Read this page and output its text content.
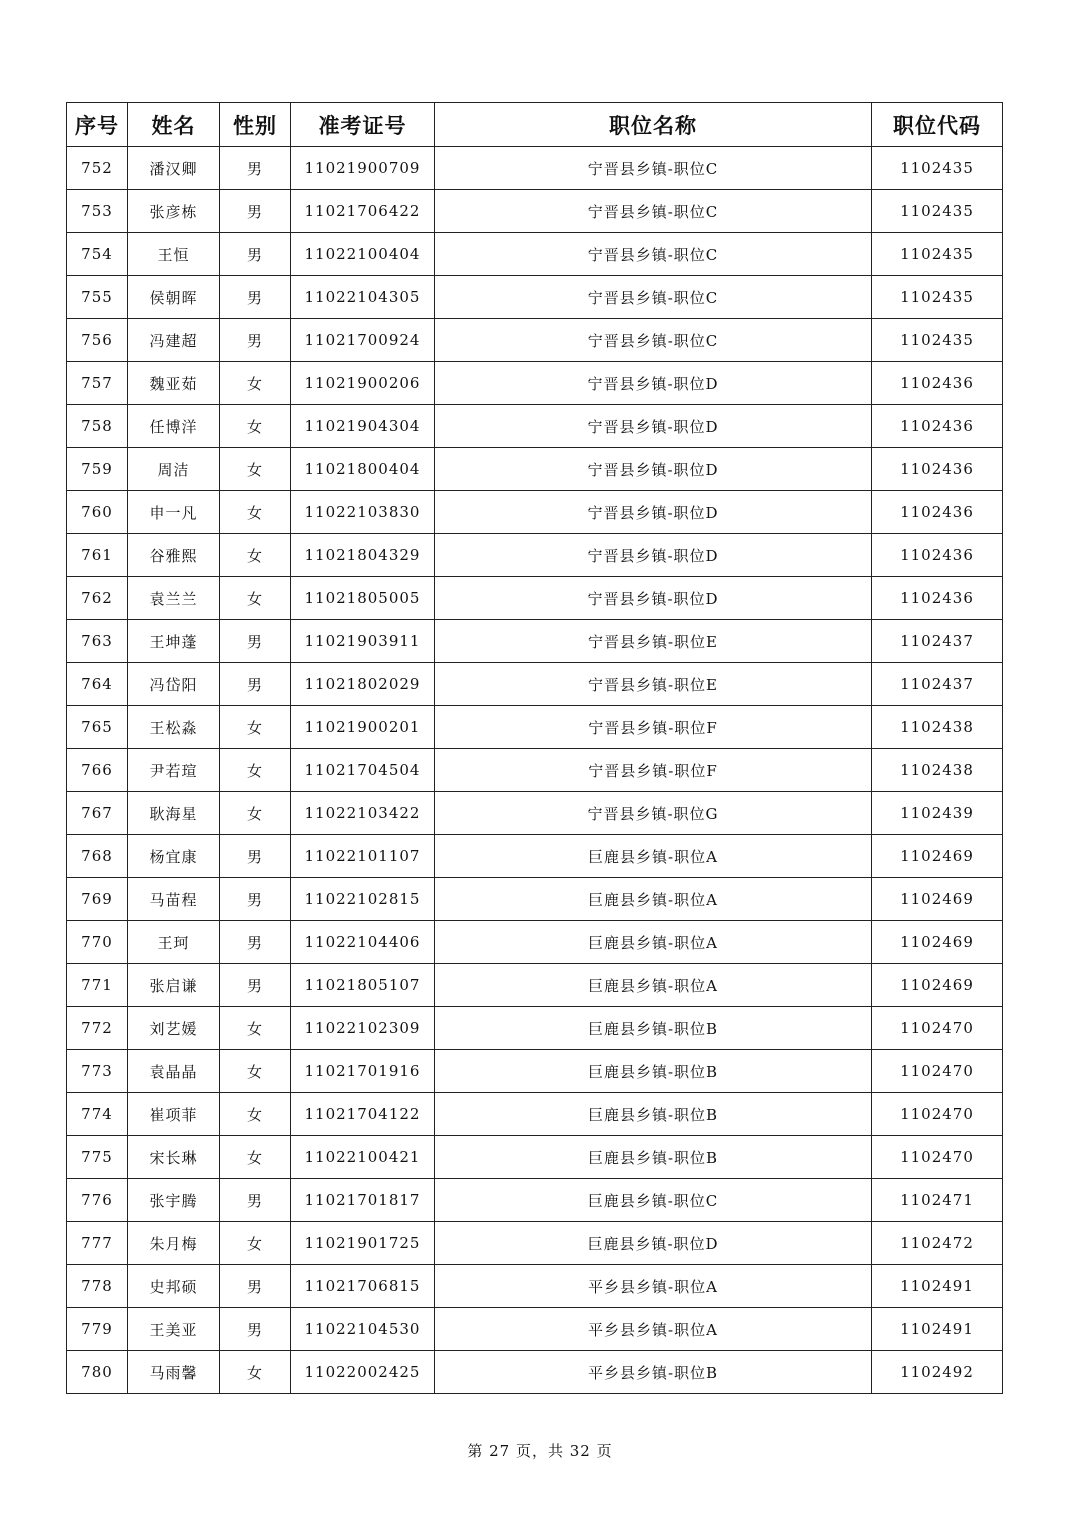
序号	姓名	性别	准考证号	职位名称	职位代码
752	潘汉卿	男	11021900709	宁晋县乡镇-职位C	1102435
753	张彦栋	男	11021706422	宁晋县乡镇-职位C	1102435
754	王恒	男	11022100404	宁晋县乡镇-职位C	1102435
755	侯朝晖	男	11022104305	宁晋县乡镇-职位C	1102435
756	冯建超	男	11021700924	宁晋县乡镇-职位C	1102435
757	魏亚茹	女	11021900206	宁晋县乡镇-职位D	1102436
758	任博洋	女	11021904304	宁晋县乡镇-职位D	1102436
759	周洁	女	11021800404	宁晋县乡镇-职位D	1102436
760	申一凡	女	11022103830	宁晋县乡镇-职位D	1102436
761	谷雅熙	女	11021804329	宁晋县乡镇-职位D	1102436
762	袁兰兰	女	11021805005	宁晋县乡镇-职位D	1102436
763	王坤蓬	男	11021903911	宁晋县乡镇-职位E	1102437
764	冯岱阳	男	11021802029	宁晋县乡镇-职位E	1102437
765	王松淼	女	11021900201	宁晋县乡镇-职位F	1102438
766	尹若瑄	女	11021704504	宁晋县乡镇-职位F	1102438
767	耿海星	女	11022103422	宁晋县乡镇-职位G	1102439
768	杨宜康	男	11022101107	巨鹿县乡镇-职位A	1102469
769	马苗程	男	11022102815	巨鹿县乡镇-职位A	1102469
770	王珂	男	11022104406	巨鹿县乡镇-职位A	1102469
771	张启谦	男	11021805107	巨鹿县乡镇-职位A	1102469
772	刘艺媛	女	11022102309	巨鹿县乡镇-职位B	1102470
773	袁晶晶	女	11021701916	巨鹿县乡镇-职位B	1102470
774	崔项菲	女	11021704122	巨鹿县乡镇-职位B	1102470
775	宋长琳	女	11022100421	巨鹿县乡镇-职位B	1102470
776	张宇腾	男	11021701817	巨鹿县乡镇-职位C	1102471
777	朱月梅	女	11021901725	巨鹿县乡镇-职位D	1102472
778	史邦硕	男	11021706815	平乡县乡镇-职位A	1102491
779	王美亚	男	11022104530	平乡县乡镇-职位A	1102491
780	马雨馨	女	11022002425	平乡县乡镇-职位B	1102492
第 27 页，共 32 页
